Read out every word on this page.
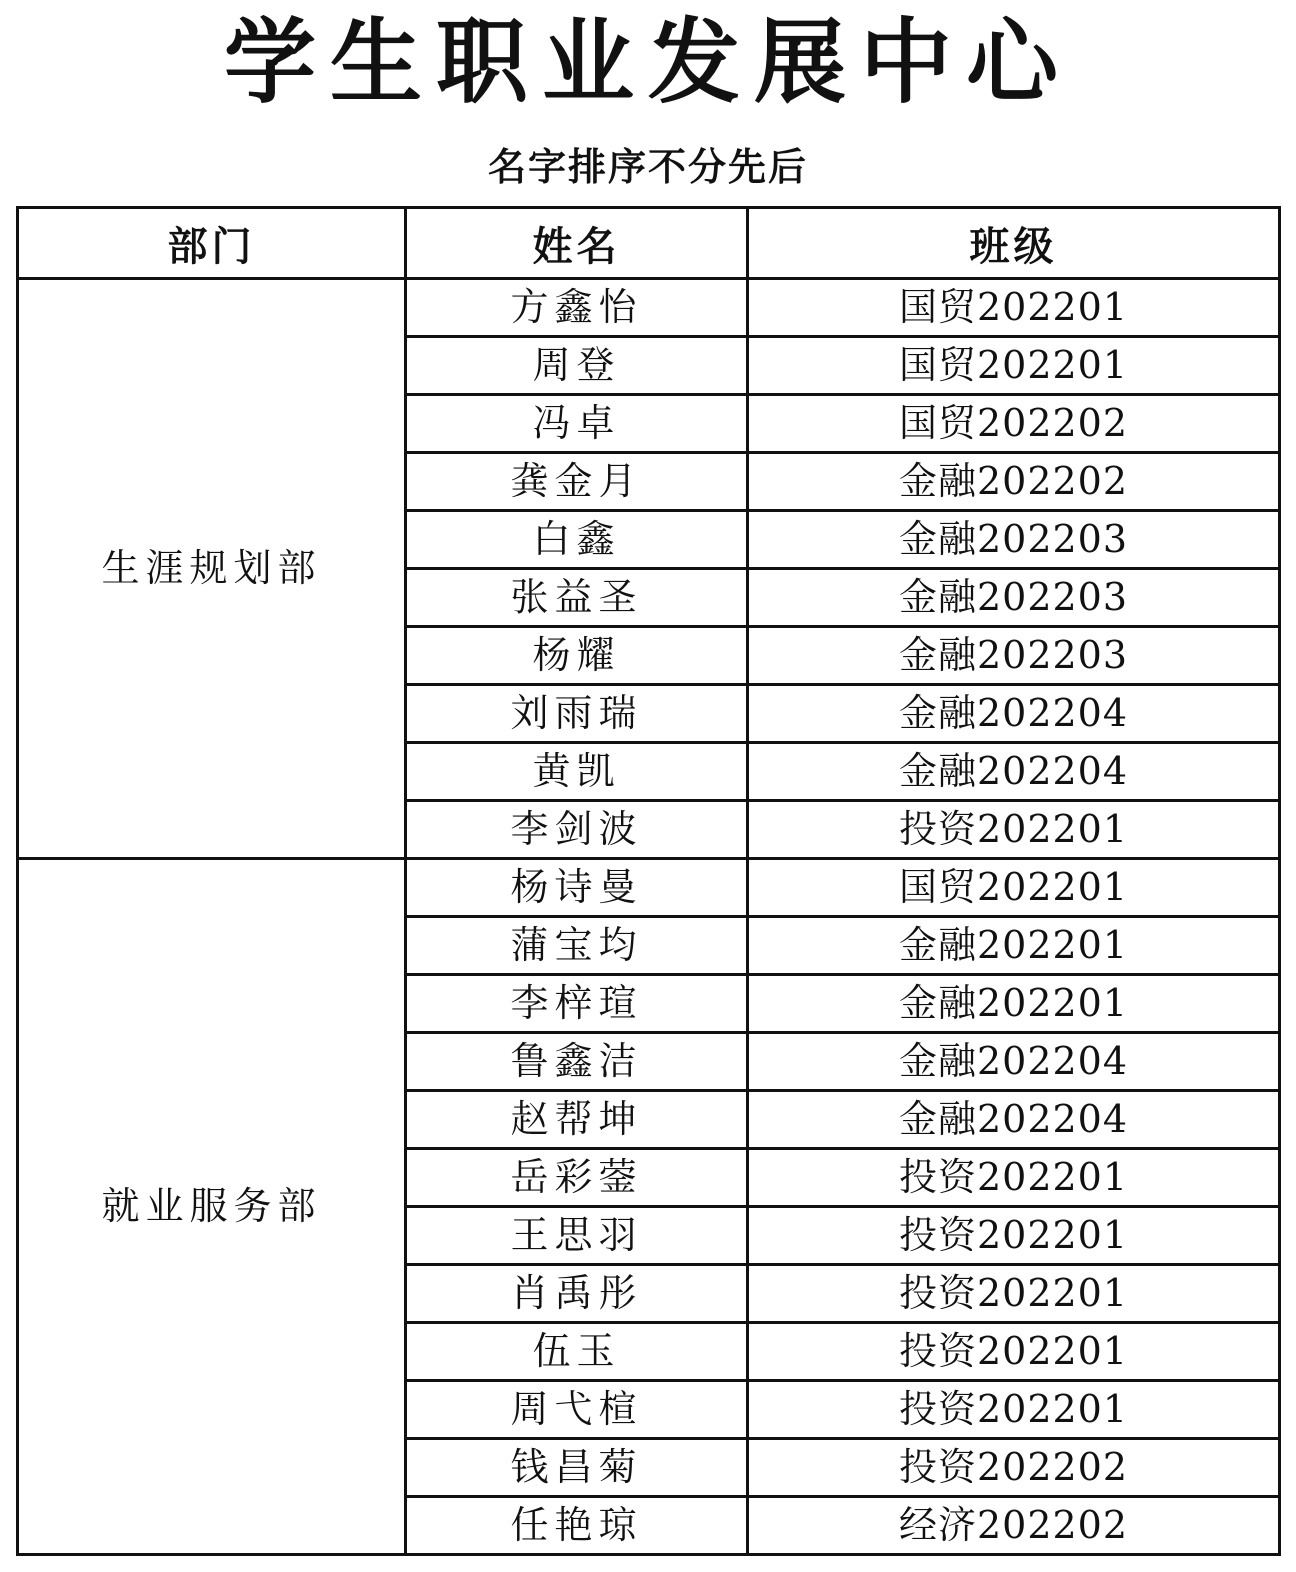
学生职业发展中心
名字排序不分先后
部门	姓名	班级
生涯规划部	方鑫怡	国贸202201
	周登	国贸202201
	冯卓	国贸202202
	龚金月	金融202202
	白鑫	金融202203
	张益圣	金融202203
	杨耀	金融202203
	刘雨瑞	金融202204
	黄凯	金融202204
	李剑波	投资202201
就业服务部	杨诗曼	国贸202201
	蒲宝均	金融202201
	李梓瑄	金融202201
	鲁鑫洁	金融202204
	赵帮坤	金融202204
	岳彩蓥	投资202201
	王思羽	投资202201
	肖禹彤	投资202201
	伍玉	投资202201
	周弋楦	投资202201
	钱昌菊	投资202202
	任艳琼	经济202202
